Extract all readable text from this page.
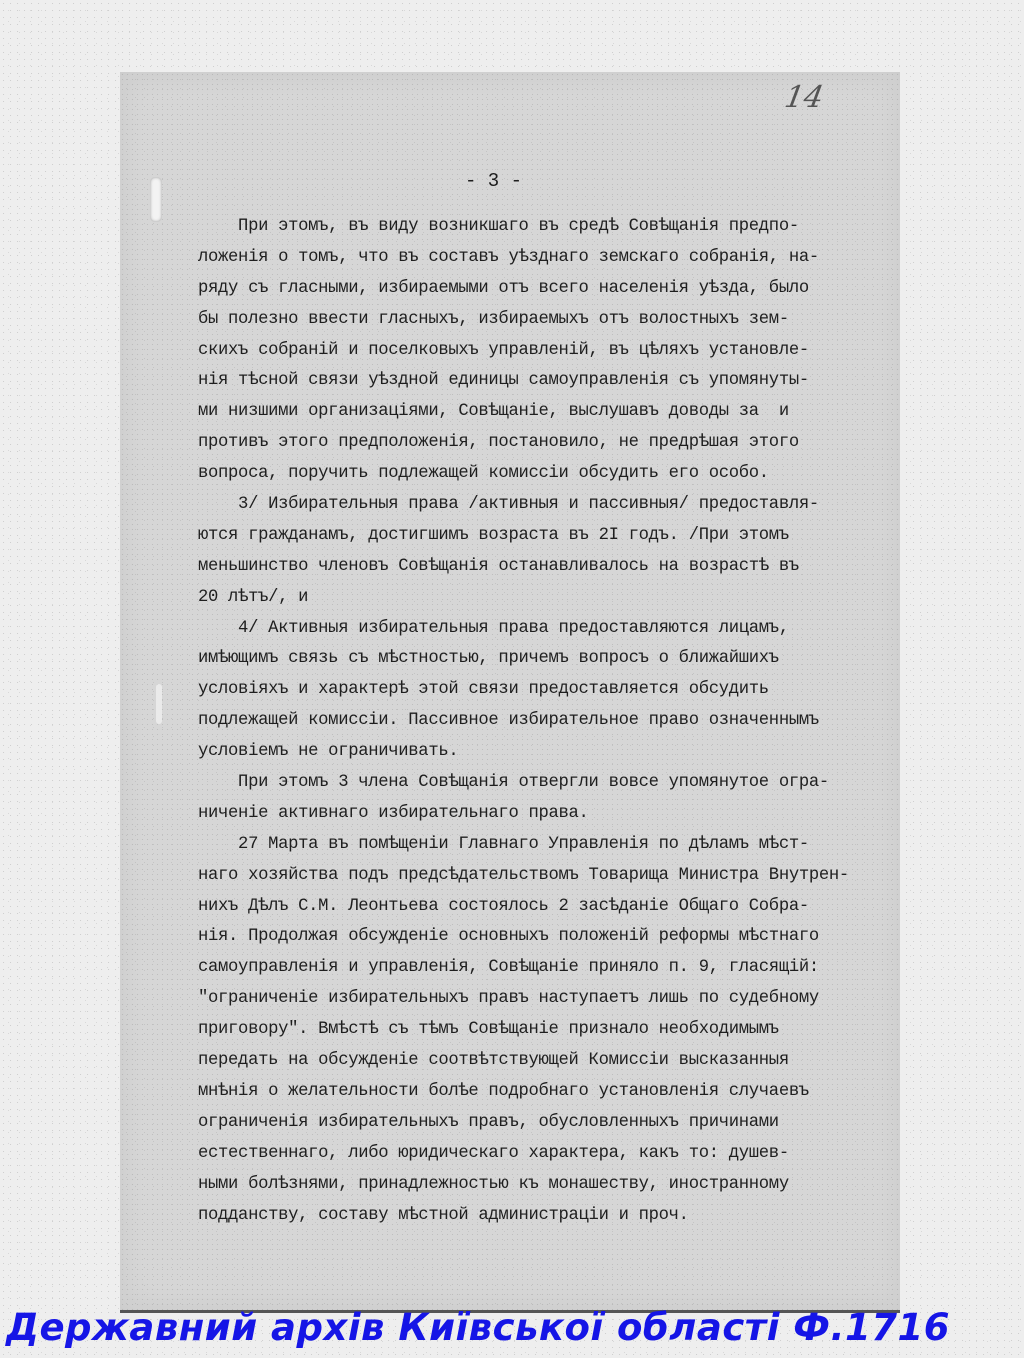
14
- 3 -
При этомъ, въ виду возникшаго въ средѣ Совѣщанія предпо-
ложенія о томъ, что въ составъ уѣзднаго земскаго собранія, на-
ряду съ гласными, избираемыми отъ всего населенія уѣзда, было
бы полезно ввести гласныхъ, избираемыхъ отъ волостныхъ зем-
скихъ собраній и поселковыхъ управленій, въ цѣляхъ установле-
нія тѣсной связи уѣздной единицы самоуправленія съ упомянуты-
ми низшими организаціями, Совѣщаніе, выслушавъ доводы за  и
противъ этого предположенія, постановило, не предрѣшая этого
вопроса, поручить подлежащей комиссіи обсудить его особо.
3/ Избирательныя права /активныя и пассивныя/ предоставля-
ются гражданамъ, достигшимъ возраста въ 2I годъ. /При этомъ
меньшинство членовъ Совѣщанія останавливалось на возрастѣ въ
20 лѣтъ/, и
4/ Активныя избирательныя права предоставляются лицамъ,
имѣющимъ связь съ мѣстностью, причемъ вопросъ о ближайшихъ
условіяхъ и характерѣ этой связи предоставляется обсудить
подлежащей комиссіи. Пассивное избирательное право означеннымъ
условіемъ не ограничивать.
При этомъ 3 члена Совѣщанія отвергли вовсе упомянутое огра-
ниченіе активнаго избирательнаго права.
27 Марта въ помѣщеніи Главнаго Управленія по дѣламъ мѣст-
наго хозяйства подъ предсѣдательствомъ Товарища Министра Внутрен-
нихъ Дѣлъ С.М. Леонтьева состоялось 2 засѣданіе Общаго Собра-
нія. Продолжая обсужденіе основныхъ положеній реформы мѣстнаго
самоуправленія и управленія, Совѣщаніе приняло п. 9, гласящій:
"ограниченіе избирательныхъ правъ наступаетъ лишь по судебному
приговору". Вмѣстѣ съ тѣмъ Совѣщаніе признало необходимымъ
передать на обсужденіе соотвѣтствующей Комиссіи высказанныя
мнѣнія о желательности болѣе подробнаго установленія случаевъ
ограниченія избирательныхъ правъ, обусловленныхъ причинами
естественнаго, либо юридическаго характера, какъ то: душев-
ными болѣзнями, принадлежностью къ монашеству, иностранному
подданству, составу мѣстной администраціи и проч.
Державний архів Київської області Ф.1716
